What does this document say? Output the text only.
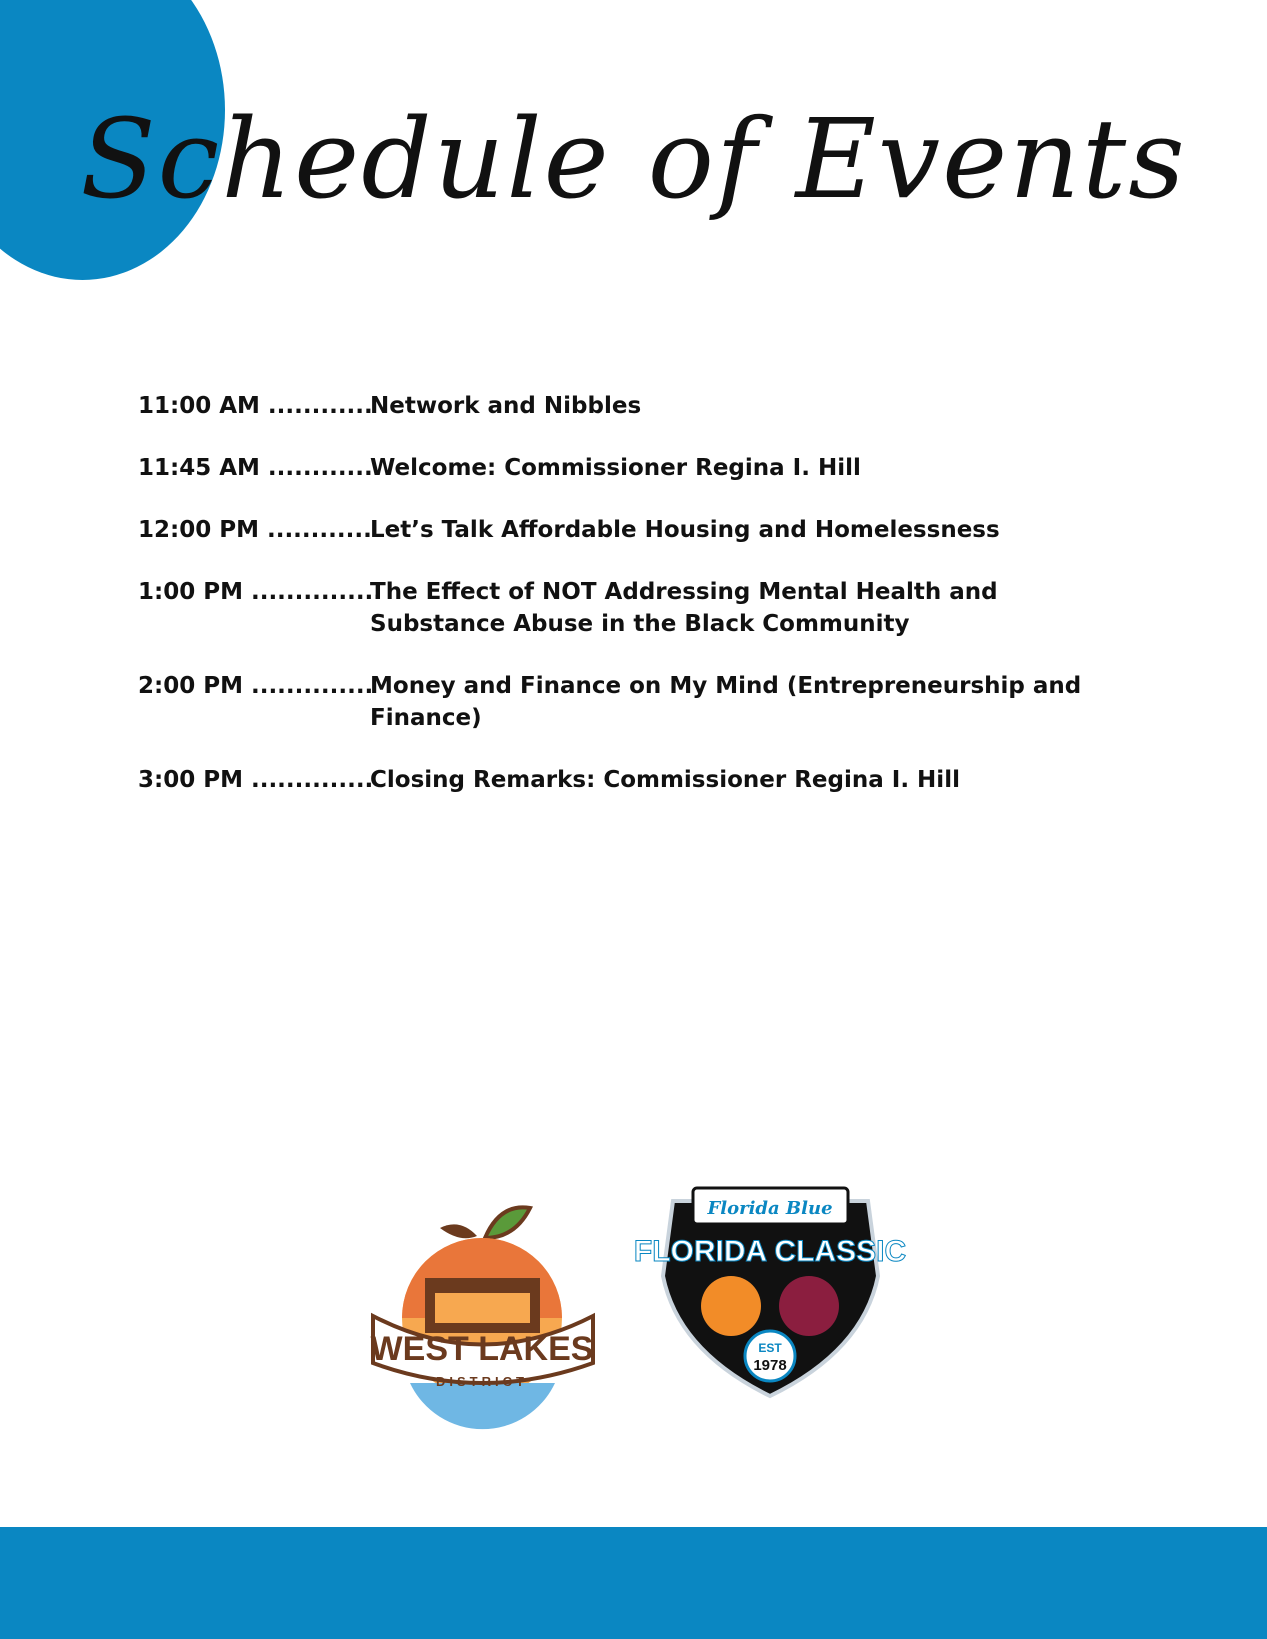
Schedule of Events
11:00 AM ............
Network and Nibbles
11:45 AM ............
Welcome: Commissioner Regina I. Hill
12:00 PM ............
Let’s Talk Affordable Housing and Homelessness
1:00 PM ...............
The Effect of NOT Addressing Mental Health and Substance Abuse in the Black Community
2:00 PM ..............
Money and Finance on My Mind (Entrepreneurship and Finance)
3:00 PM ..............
Closing Remarks: Commissioner Regina I. Hill
WEST LAKES
DISTRICT
Florida Blue
FLORIDA CLASSIC
EST
1978
